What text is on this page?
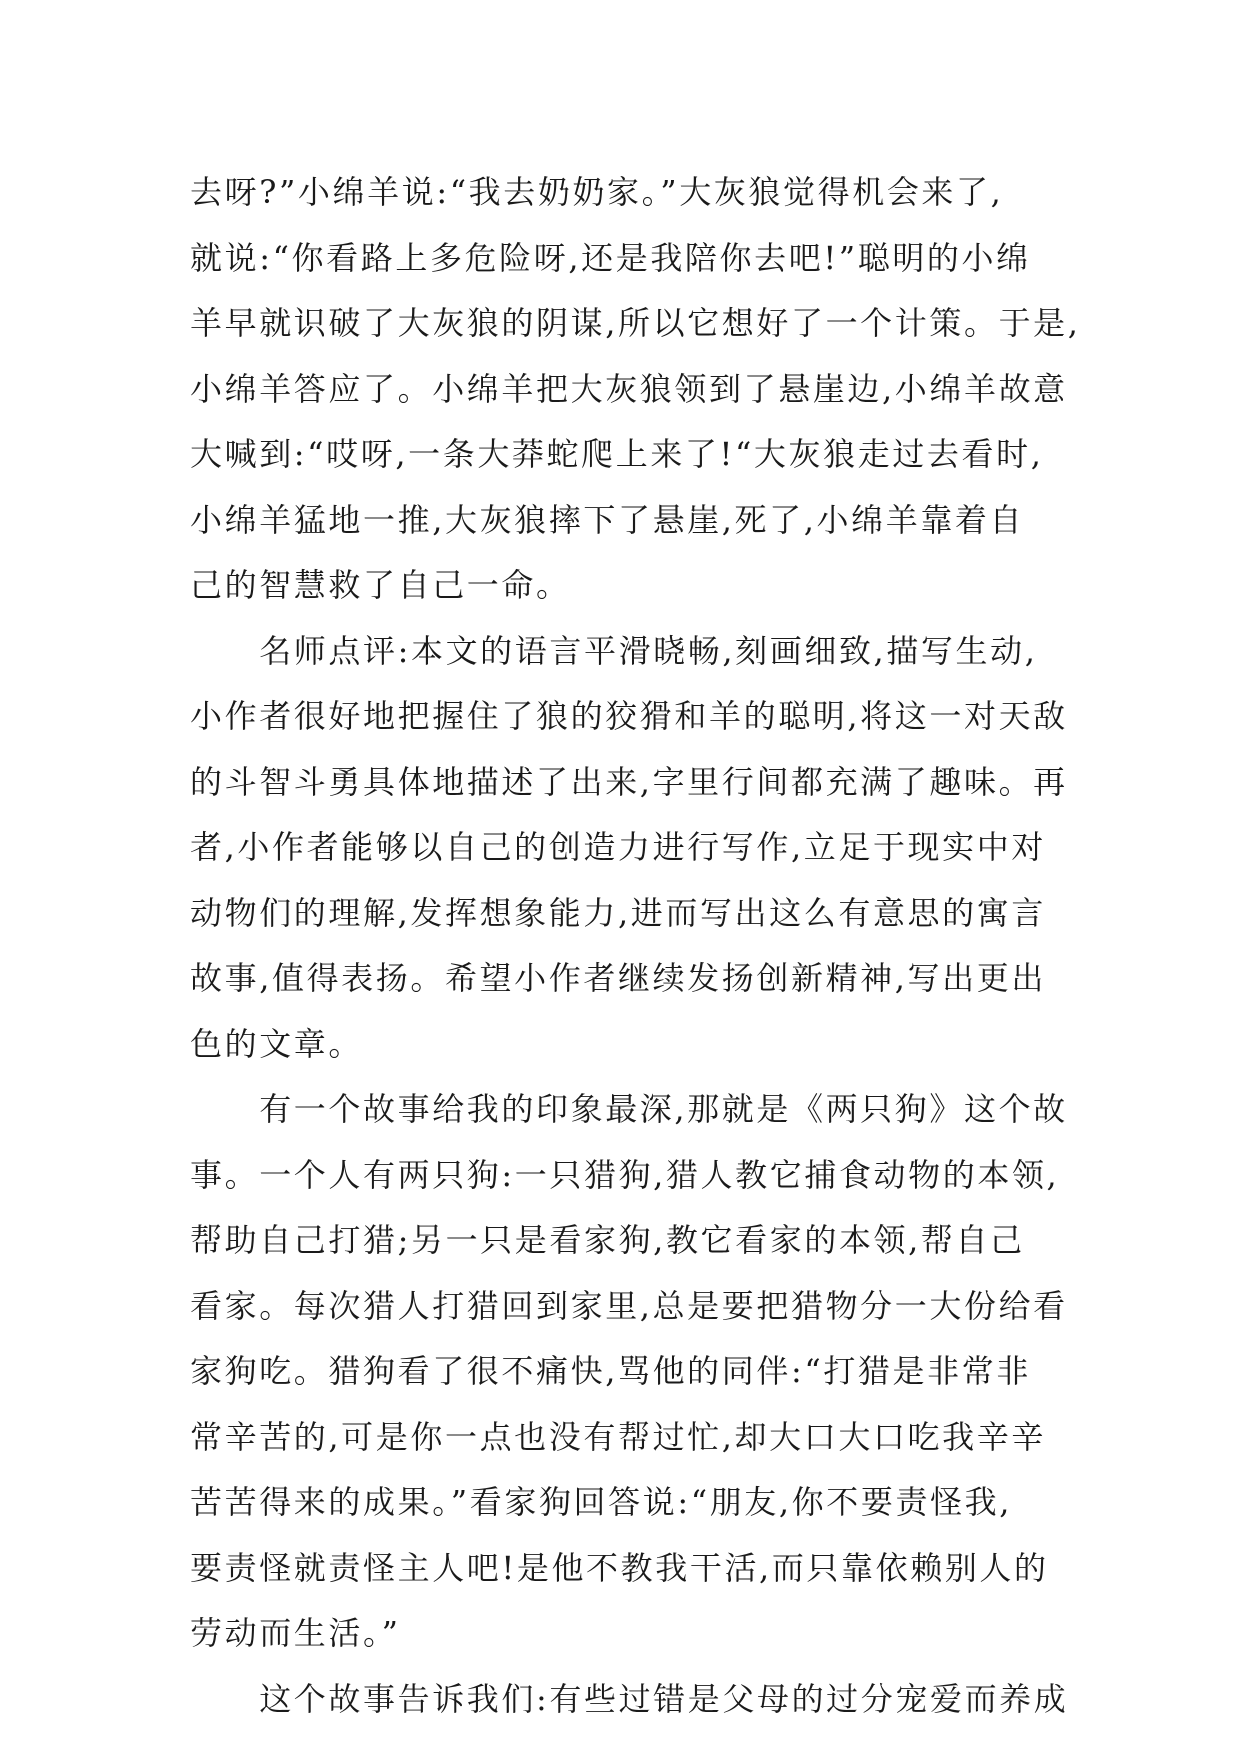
去呀?”小绵羊说:“我去奶奶家。”大灰狼觉得机会来了,
就说:“你看路上多危险呀,还是我陪你去吧!”聪明的小绵
羊早就识破了大灰狼的阴谋,所以它想好了一个计策。于是,
小绵羊答应了。小绵羊把大灰狼领到了悬崖边,小绵羊故意
大喊到:“哎呀,一条大莽蛇爬上来了!“大灰狼走过去看时,
小绵羊猛地一推,大灰狼摔下了悬崖,死了,小绵羊靠着自
己的智慧救了自己一命。
　　名师点评:本文的语言平滑晓畅,刻画细致,描写生动,
小作者很好地把握住了狼的狡猾和羊的聪明,将这一对天敌
的斗智斗勇具体地描述了出来,字里行间都充满了趣味。再
者,小作者能够以自己的创造力进行写作,立足于现实中对
动物们的理解,发挥想象能力,进而写出这么有意思的寓言
故事,值得表扬。希望小作者继续发扬创新精神,写出更出
色的文章。
　　有一个故事给我的印象最深,那就是《两只狗》这个故
事。一个人有两只狗:一只猎狗,猎人教它捕食动物的本领,
帮助自己打猎;另一只是看家狗,教它看家的本领,帮自己
看家。每次猎人打猎回到家里,总是要把猎物分一大份给看
家狗吃。猎狗看了很不痛快,骂他的同伴:“打猎是非常非
常辛苦的,可是你一点也没有帮过忙,却大口大口吃我辛辛
苦苦得来的成果。”看家狗回答说:“朋友,你不要责怪我,
要责怪就责怪主人吧!是他不教我干活,而只靠依赖别人的
劳动而生活。”
　　这个故事告诉我们:有些过错是父母的过分宠爱而养成
